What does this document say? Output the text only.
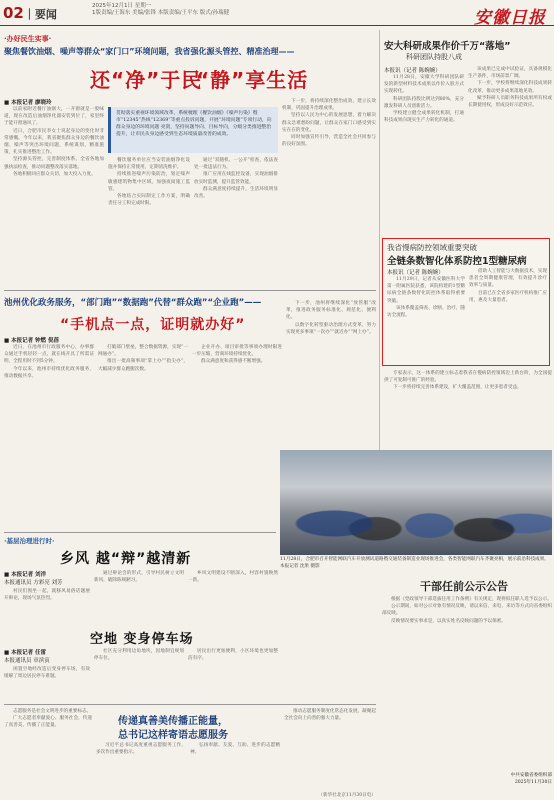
02｜要闻
2025年12月1日 星期一
1版责编/王海东 美编/张锋 本版责编/王平东 版式/孙瑞健	安徽日报
·办好民生实事·
聚焦餐饮油烟、噪声等群众“家门口”环境问题，我省强化源头管控、精准治理——
还“净”于民
“静”享生活
■ 本报记者 廖晓玲

以前家附近餐厅油烟大，一开窗就是一股味道，现在改造后油烟净化器安装到位了，家里终于能开窗通风了。

近日，合肥市民李女士说起身边的变化时非常感慨。今年以来，我省聚焦群众身边的餐饮油烟、噪声等突出环境问题，系统谋划，精准施策，扎实推进整治工作。

坚持源头管控，完善制度体系。全省各地加强执法检查，推动问题整改落实落地。

各地积极回应群众关切，加大投入力度。

贯彻落实重视环境领域改革，系统梳理《餐饮油烟》《噪声污染》暨市“12345”热线“12369”等重点投诉问题，开展“环境问题”专项行动，向群众身边的环境问题 亮剑，坚持问题导向、目标导向，分级分类推进整治提升，让市民从身边感受到生态环境质量改善的成效。

餐饮服务单位应当安装油烟净化设施并保持正常使用，定期清洗维护。

持续推进噪声污染防治，划定噪声敏感建筑物集中区域，加强夜间施工监管。

各地结合实际制定工作方案，明确责任分工和完成时限。

通过“双随机、一公开”检查，依法查处一批违法行为。

推广应用在线监控设备，实现油烟排放实时监测，提升监管效能。

群众满意度持续提升，生活环境明显改善。

下一步，将持续深化整治成效，建立长效机制，巩固提升治理成果。

坚持以人民为中心的发展思想，着力解决群众急难愁盼问题，让群众在家门口感受到实实在在的变化。

同时加强宣传引导，营造全社会共同参与的良好氛围。

安大科研成果作价千万“落地”
科研团队持股八成
本报讯（记者 陈婉婉）

11月28日，安徽大学科研团队研发的新型材料技术成果以作价入股方式实现转化。

科研团队持股比例达到80%，充分激发科研人员创新活力。

学校建立健全成果转化机制，打通科技成果向现实生产力转化的通道。

该成果已完成中试验证，具备规模化生产条件，市场前景广阔。

下一步，学校将继续深化科技成果转化改革，推动更多成果落地见效。

赋予科研人员职务科技成果所有权或长期使用权，形成良好示范效应。

我省慢病防控领域重要突破
全链条数智化体系防控1型糖尿病
本报讯（记者 陈婉婉）

11月29日，记者从安徽医科大学第一附属医院获悉，该院构建的1型糖尿病全链条数智化防控体系取得重要突破。

该体系覆盖筛查、诊断、治疗、随访全流程。

借助人工智能与大数据技术，实现患者全周期健康管理，有效提升诊疗效率与质量。

目前已在全省多家医疗机构推广应用，惠及大量患者。

专家表示，这一体系的建立标志着我省在慢病防控领域迈上新台阶，为全国提供了可复制可推广的经验。

下一步将持续完善体系建设，扩大覆盖范围，让更多患者受益。

池州优化政务服务，“部门跑”“数据跑”代替“群众跑”“企业跑”——
“手机点一点，证明就办好”
■ 本报记者 钟燃 倪蓓

近日，在池州市行政服务中心，办事群众通过手机轻轻一点，就在线开具了所需证明，全程用时不到5分钟。

今年以来，池州市持续优化政务服务，推动数据共享。

打破部门壁垒，整合数据资源，实现“一网通办”。

推出一批高频事项“掌上办”“指尖办”，大幅减少群众跑腿次数。

企业开办、项目审批等事项办理时限进一步压缩，营商环境持续优化。

群众满意度和获得感不断增强。

下一步，池州将继续深化“放管服”改革，推进政务服务标准化、规范化、便利化。

以数字化转型驱动治理方式变革，努力实现更多事项“一次办”“就近办”“网上办”。

·基层治理进行时·
乡风 越“辩”越清新
■ 本报记者 刘洋
本报通讯员 方彩亮 刘芳

村民们围坐一起，就移风易俗话题展开辩论，现场气氛热烈。

通过辩论会的形式，引导村民树立文明新风，破除陈规陋习。

乡风文明建设不断深入，村容村貌焕然一新。

空地 变身停车场
■ 本报记者 任雷
本报通讯员 章滨寅

闲置空地经改造后变身停车场，有效缓解了周边居民停车难题。

社区充分利用边角地块，因地制宜规划停车位。

居民出行更加便利，小区环境也更加整洁有序。

志愿服务是社会文明进步的重要标志。

广大志愿者奉献爱心、服务社会，传递了真善美、传播了正能量。	传递真善美传播正能量，
总书记这样寄语志愿服务

习近平总书记高度重视志愿服务工作，多次作出重要指示。

弘扬奉献、友爱、互助、进步的志愿精神。

推动志愿服务制度化常态化发展，凝聚起全社会向上向善的强大力量。

（新华社北京11月30日电）
11月28日，合肥市召开智能网联汽车开放测试道路暨交通装备制造业现场推进会，各类智能网联汽车齐聚亮相，展示前沿科技成果。本报记者 沈果 摄影
干部任前公示公告

根据《党政领导干部选拔任用工作条例》有关规定，现将拟任职人选予以公示。

公示期间，如对公示对象有情况反映，请以来信、来电、来访等方式向省委组织部反映。

反映情况要实事求是，以真实姓名反映问题的予以保密。

中共安徽省委组织部
2025年11月30日
